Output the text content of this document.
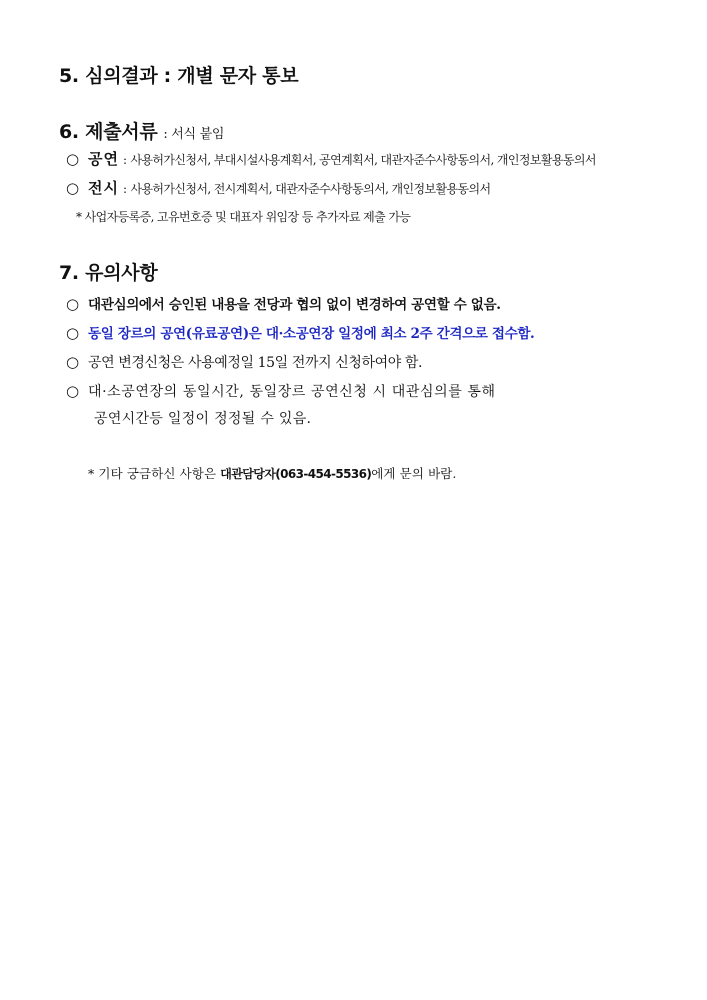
5. 심의결과 : 개별 문자 통보
6. 제출서류 : 서식 붙임
○ 공연 : 사용허가신청서, 부대시설사용계획서, 공연계획서, 대관자준수사항동의서, 개인정보활용동의서
○ 전시 : 사용허가신청서, 전시계획서, 대관자준수사항동의서, 개인정보활용동의서
* 사업자등록증, 고유번호증 및 대표자 위임장 등 추가자료 제출 가능
7. 유의사항
○ 대관심의에서 승인된 내용을 전당과 협의 없이 변경하여 공연할 수 없음.
○ 동일 장르의 공연(유료공연)은 대·소공연장 일정에 최소 2주 간격으로 접수함.
○ 공연 변경신청은 사용예정일 15일 전까지 신청하여야 함.
○ 대·소공연장의 동일시간, 동일장르 공연신청 시 대관심의를 통해
공연시간등 일정이 정정될 수 있음.
* 기타 궁금하신 사항은 대관담당자(063-454-5536)에게 문의 바람.
